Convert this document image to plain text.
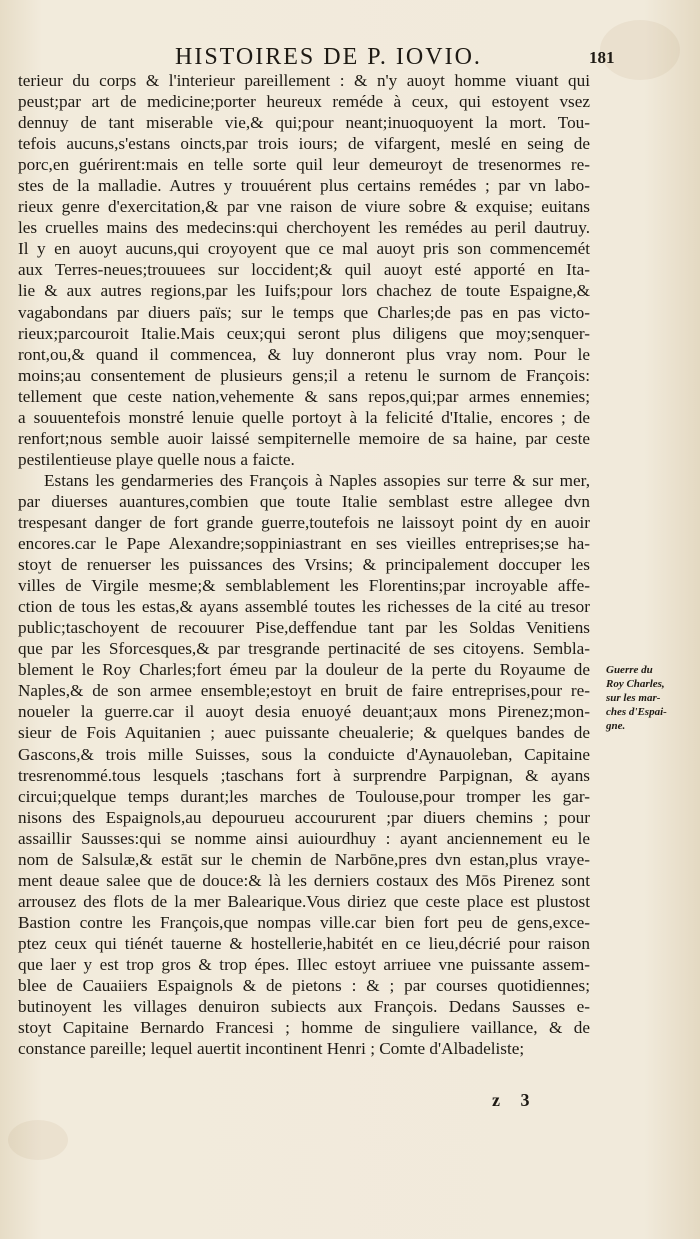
HISTOIRES DE P. IOVIO.	181
terieur du corps & l'interieur pareillement : & n'y auoyt homme viuant qui
peust;par art de medicine;porter heureux reméde à ceux, qui estoyent vsez
dennuy de tant miserable vie,& qui;pour neant;inuoquoyent la mort. Tou-
tefois aucuns,s'estans oincts,par trois iours; de vifargent, meslé en seing de
porc,en guérirent:mais en telle sorte quil leur demeuroyt de tresenormes re-
stes de la malladie. Autres y trouuérent plus certains remédes ; par vn labo-
rieux genre d'exercitation,& par vne raison de viure sobre & exquise; euitans
les cruelles mains des medecins:qui cherchoyent les remédes au peril dautruy.
Il y en auoyt aucuns,qui croyoyent que ce mal auoyt pris son commencemét
aux Terres-neues;trouuees sur loccident;& quil auoyt esté apporté en Ita-
lie & aux autres regions,par les Iuifs;pour lors chachez de toute Espaigne,&
vagabondans par diuers païs; sur le temps que Charles;de pas en pas victo-
rieux;parcouroit Italie.Mais ceux;qui seront plus diligens que moy;senquer-
ront,ou,& quand il commencea, & luy donneront plus vray nom. Pour le
moins;au consentement de plusieurs gens;il a retenu le surnom de François:
tellement que ceste nation,vehemente & sans repos,qui;par armes ennemies;
a souuentefois monstré lenuie quelle portoyt à la felicité d'Italie, encores ; de
renfort;nous semble auoir laissé sempiternelle memoire de sa haine, par ceste
pestilentieuse playe quelle nous a faicte.
Estans les gendarmeries des François à Naples assopies sur terre & sur mer,
par diuerses auantures,combien que toute Italie semblast estre allegee dvn
trespesant danger de fort grande guerre,toutefois ne laissoyt point dy en auoir
encores.car le Pape Alexandre;soppiniastrant en ses vieilles entreprises;se ha-
stoyt de renuerser les puissances des Vrsins; & principalement doccuper les
villes de Virgile mesme;& semblablement les Florentins;par incroyable affe-
ction de tous les estas,& ayans assemblé toutes les richesses de la cité au tresor
public;taschoyent de recouurer Pise,deffendue tant par les Soldas Venitiens
que par les Sforcesques,& par tresgrande pertinacité de ses citoyens. Sembla-
blement le Roy Charles;fort émeu par la douleur de la perte du Royaume de
Naples,& de son armee ensemble;estoyt en bruit de faire entreprises,pour re-
noueler la guerre.car il auoyt desia enuoyé deuant;aux mons Pirenez;mon-
sieur de Fois Aquitanien ; auec puissante cheualerie; & quelques bandes de
Gascons,& trois mille Suisses, sous la conduicte d'Aynauoleban, Capitaine
tresrenommé.tous lesquels ;taschans fort à surprendre Parpignan, & ayans
circui;quelque temps durant;les marches de Toulouse,pour tromper les gar-
nisons des Espaignols,au depourueu accoururent ;par diuers chemins ; pour
assaillir Sausses:qui se nomme ainsi auiourdhuy : ayant anciennement eu le
nom de Salsulæ,& estāt sur le chemin de Narbōne,pres dvn estan,plus vraye-
ment deaue salee que de douce:& là les derniers costaux des Mōs Pirenez sont
arrousez des flots de la mer Balearique.Vous diriez que ceste place est plustost
Bastion contre les François,que nompas ville.car bien fort peu de gens,exce-
ptez ceux qui tiénét tauerne & hostellerie,habitét en ce lieu,décrié pour raison
que laer y est trop gros & trop épes. Illec estoyt arriuee vne puissante assem-
blee de Cauaiiers Espaignols & de pietons : & ; par courses quotidiennes;
butinoyent les villages denuiron subiects aux François. Dedans Sausses e-
stoyt Capitaine Bernardo Francesi ; homme de singuliere vaillance, & de
constance pareille; lequel auertit incontinent Henri ; Comte d'Albadeliste;
Guerre du
Roy Charles,
sur les mar-
ches d'Espai-
gne.
z 3
